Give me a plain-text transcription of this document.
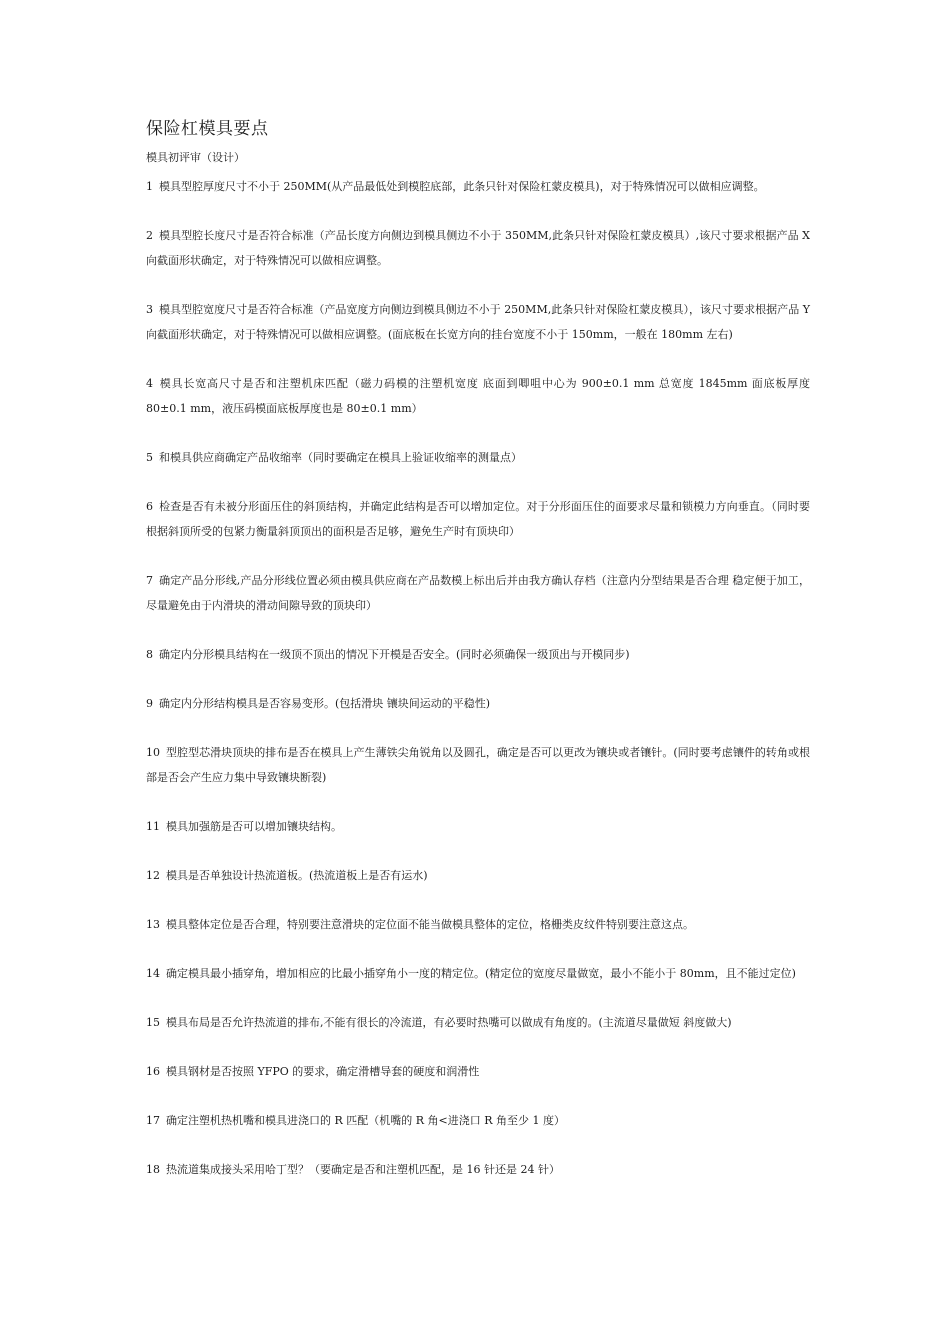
保险杠模具要点
模具初评审（设计）
1 模具型腔厚度尺寸不小于 250MM(从产品最低处到模腔底部，此条只针对保险杠蒙皮模具)，对于特殊情况可以做相应调整。
2 模具型腔长度尺寸是否符合标准（产品长度方向侧边到模具侧边不小于 350MM,此条只针对保险杠蒙皮模具）,该尺寸要求根据产品 X 向截面形状确定，对于特殊情况可以做相应调整。
3 模具型腔宽度尺寸是否符合标准（产品宽度方向侧边到模具侧边不小于 250MM,此条只针对保险杠蒙皮模具），该尺寸要求根据产品 Y 向截面形状确定，对于特殊情况可以做相应调整。(面底板在长宽方向的挂台宽度不小于 150mm，一般在 180mm 左右)
4 模具长宽高尺寸是否和注塑机床匹配（磁力码模的注塑机宽度 底面到唧咀中心为 900±0.1 mm 总宽度 1845mm 面底板厚度 80±0.1 mm，液压码模面底板厚度也是 80±0.1 mm）
5 和模具供应商确定产品收缩率（同时要确定在模具上验证收缩率的测量点）
6 检查是否有未被分形面压住的斜顶结构，并确定此结构是否可以增加定位。对于分形面压住的面要求尽量和锁模力方向垂直。（同时要根据斜顶所受的包紧力衡量斜顶顶出的面积是否足够，避免生产时有顶块印）
7 确定产品分形线,产品分形线位置必须由模具供应商在产品数模上标出后并由我方确认存档（注意内分型结果是否合理 稳定便于加工，尽量避免由于内滑块的滑动间隙导致的顶块印）
8 确定内分形模具结构在一级顶不顶出的情况下开模是否安全。(同时必须确保一级顶出与开模同步)
9 确定内分形结构模具是否容易变形。(包括滑块 镶块间运动的平稳性)
10 型腔型芯滑块顶块的排布是否在模具上产生薄铁尖角锐角以及圆孔，确定是否可以更改为镶块或者镶针。(同时要考虑镶件的转角或根部是否会产生应力集中导致镶块断裂)
11 模具加强筋是否可以增加镶块结构。
12 模具是否单独设计热流道板。(热流道板上是否有运水)
13 模具整体定位是否合理，特别要注意滑块的定位面不能当做模具整体的定位，格栅类皮纹件特别要注意这点。
14 确定模具最小插穿角，增加相应的比最小插穿角小一度的精定位。(精定位的宽度尽量做宽，最小不能小于 80mm，且不能过定位)
15 模具布局是否允许热流道的排布,不能有很长的冷流道，有必要时热嘴可以做成有角度的。(主流道尽量做短 斜度做大)
16 模具钢材是否按照 YFPO 的要求，确定滑槽导套的硬度和润滑性
17 确定注塑机热机嘴和模具进浇口的 R 匹配（机嘴的 R 角<进浇口 R 角至少 1 度）
18 热流道集成接头采用哈丁型？（要确定是否和注塑机匹配，是 16 针还是 24 针）
